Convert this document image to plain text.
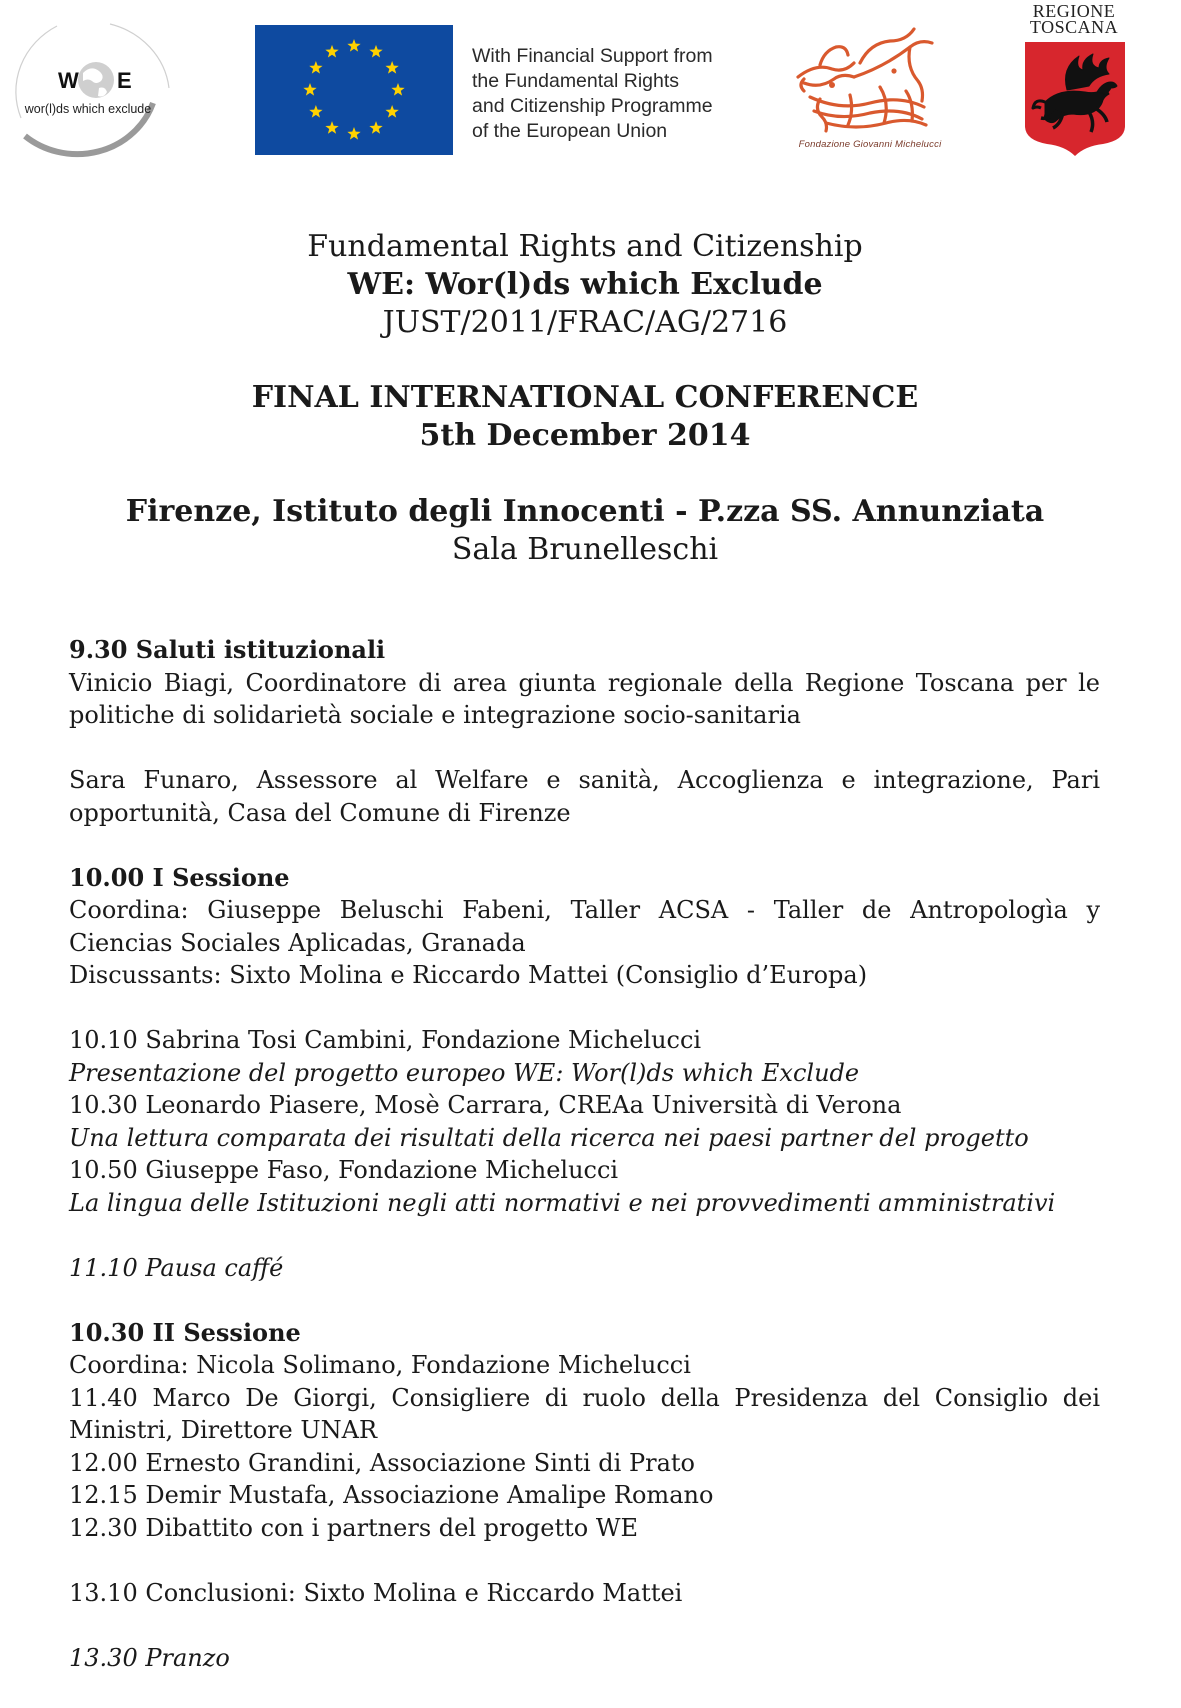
W E
wor(l)ds which exclude
With Financial Support from
the Fundamental Rights
and Citizenship Programme
of the European Union
Fondazione Giovanni Michelucci
REGIONE
TOSCANA

Fundamental Rights and Citizenship

WE: Wor(l)ds which Exclude

JUST/2011/FRAC/AG/2716

FINAL INTERNATIONAL CONFERENCE

5th December 2014

Firenze, Istituto degli Innocenti - P.zza SS. Annunziata

Sala Brunelleschi

9.30 Saluti istituzionali

Vinicio Biagi, Coordinatore di area giunta regionale della Regione Toscana per le politiche di solidarietà sociale e integrazione socio-sanitaria

Sara Funaro, Assessore al Welfare e sanità, Accoglienza e integrazione, Pari opportunità, Casa del Comune di Firenze

10.00 I Sessione

Coordina: Giuseppe Beluschi Fabeni, Taller ACSA - Taller de Antropologìa y Ciencias Sociales Aplicadas, Granada

Discussants: Sixto Molina e Riccardo Mattei (Consiglio d’Europa)

10.10 Sabrina Tosi Cambini, Fondazione Michelucci

Presentazione del progetto europeo WE: Wor(l)ds which Exclude

10.30 Leonardo Piasere, Mosè Carrara, CREAa Università di Verona

Una lettura comparata dei risultati della ricerca nei paesi partner del progetto

10.50 Giuseppe Faso, Fondazione Michelucci

La lingua delle Istituzioni negli atti normativi e nei provvedimenti amministrativi

11.10 Pausa caffé

10.30 II Sessione

Coordina: Nicola Solimano, Fondazione Michelucci

11.40 Marco De Giorgi, Consigliere di ruolo della Presidenza del Consiglio dei Ministri, Direttore UNAR

12.00 Ernesto Grandini, Associazione Sinti di Prato

12.15 Demir Mustafa, Associazione Amalipe Romano

12.30 Dibattito con i partners del progetto WE

13.10 Conclusioni: Sixto Molina e Riccardo Mattei

13.30 Pranzo
